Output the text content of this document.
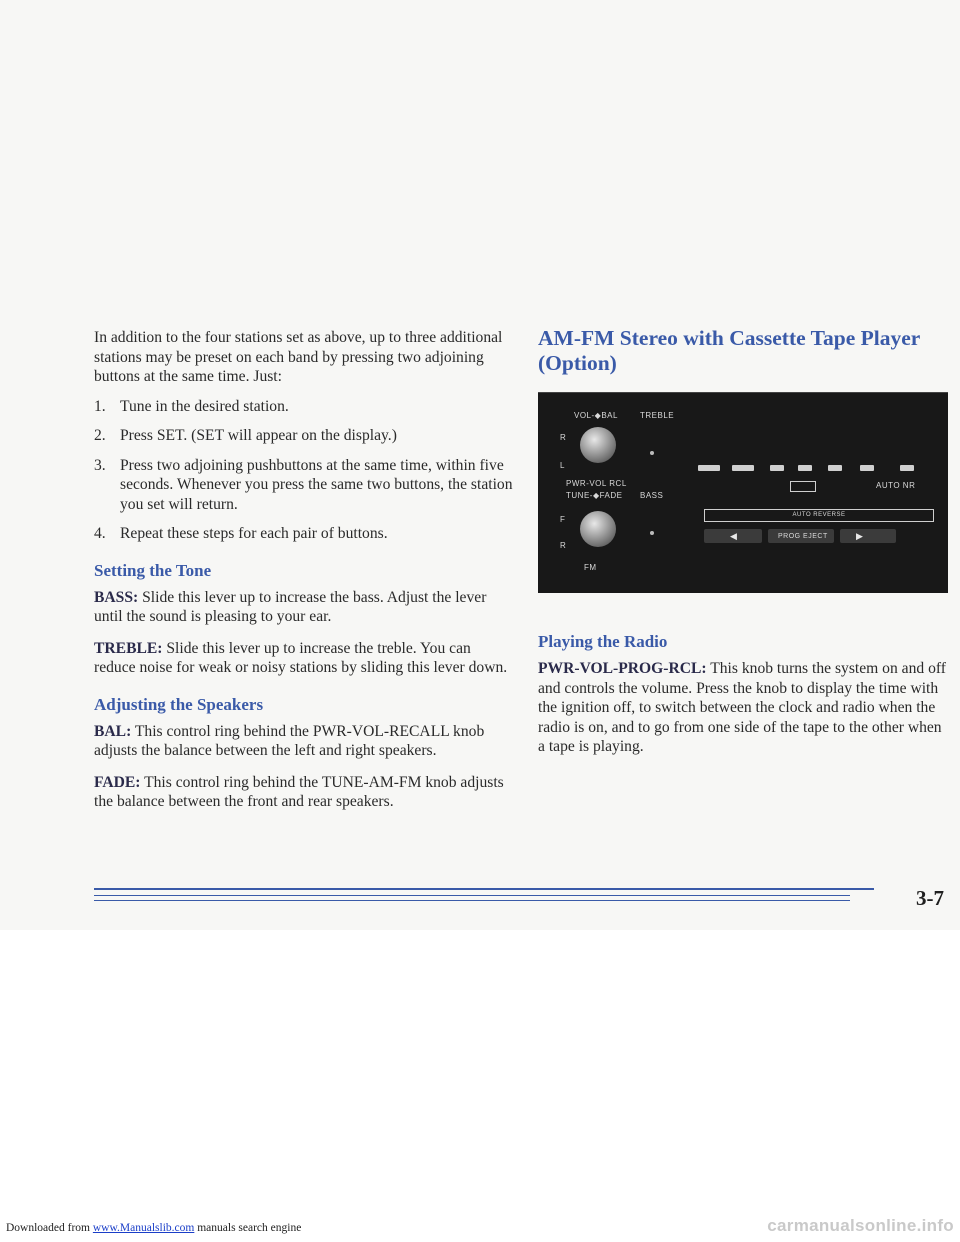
In addition to the four stations set as above, up to three additional stations may be preset on each band by pressing two adjoining buttons at the same time. Just:

1. Tune in the desired station.
2. Press SET. (SET will appear on the display.)
3. Press two adjoining pushbuttons at the same time, within five seconds. Whenever you press the same two buttons, the station you set will return.
4. Repeat these steps for each pair of buttons.
Setting the Tone

BASS: Slide this lever up to increase the bass. Adjust the lever until the sound is pleasing to your ear.

TREBLE: Slide this lever up to increase the treble. You can reduce noise for weak or noisy stations by sliding this lever down.

Adjusting the Speakers

BAL: This control ring behind the PWR-VOL-RECALL knob adjusts the balance between the left and right speakers.

FADE: This control ring behind the TUNE-AM-FM knob adjusts the balance between the front and rear speakers.

AM-FM Stereo with Cassette Tape Player (Option)
VOL-◆BAL	TREBLE
R
L
PWR-VOL RCL
TUNE-◆FADE BASS
F
R
FM
AUTO NR
AUTO REVERSE
◀	PROG EJECT	▶
Playing the Radio

PWR-VOL-PROG-RCL: This knob turns the system on and off and controls the volume. Press the knob to display the time with the ignition off, to switch between the clock and radio when the radio is on, and to go from one side of the tape to the other when a tape is playing.

3-7
Downloaded from www.Manualslib.com manuals search engine	carmanualsonline.info
